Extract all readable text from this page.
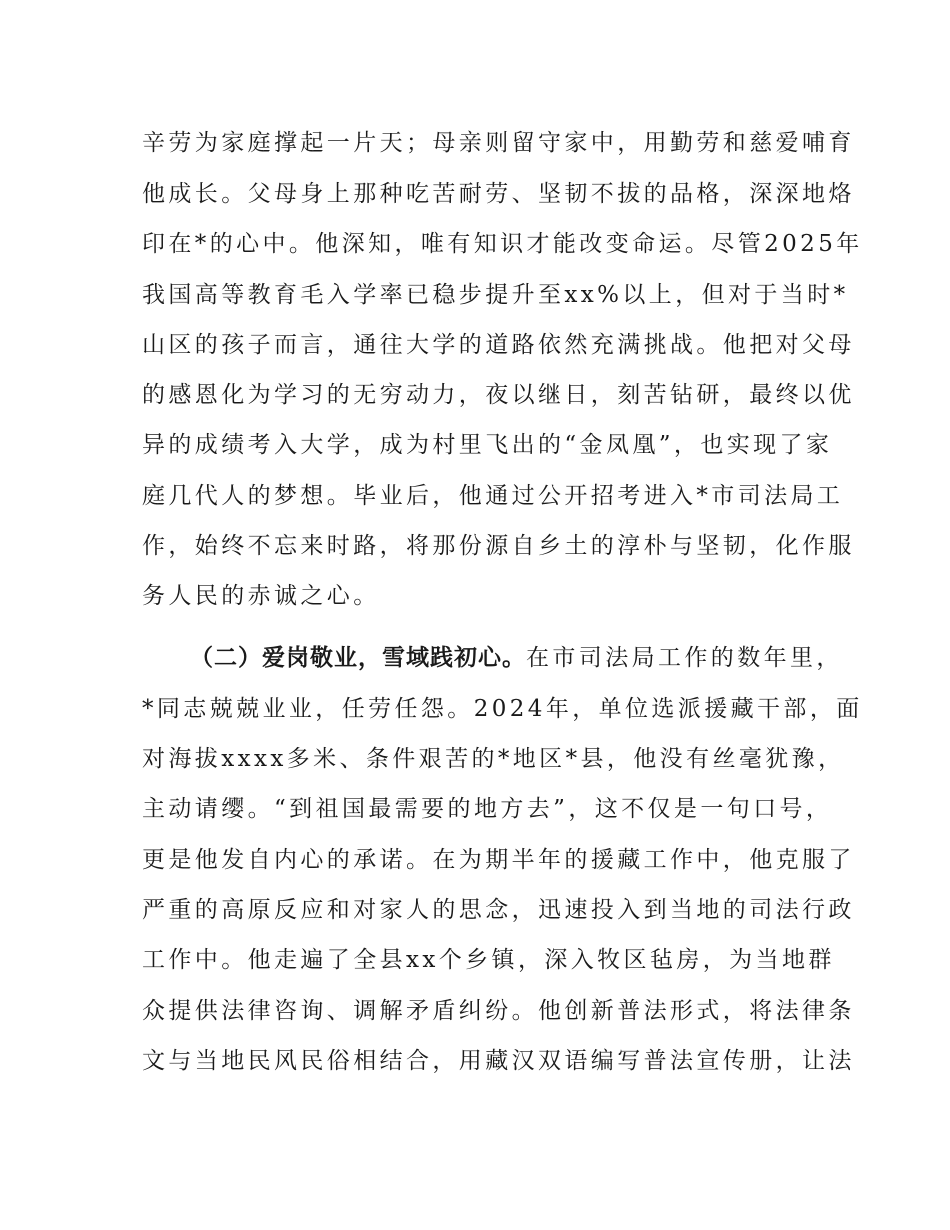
辛劳为家庭撑起一片天；母亲则留守家中，用勤劳和慈爱哺育
他成长。父母身上那种吃苦耐劳、坚韧不拔的品格，深深地烙
印在*的心中。他深知，唯有知识才能改变命运。尽管2025年
我国高等教育毛入学率已稳步提升至xx%以上，但对于当时*
山区的孩子而言，通往大学的道路依然充满挑战。他把对父母
的感恩化为学习的无穷动力，夜以继日，刻苦钻研，最终以优
异的成绩考入大学，成为村里飞出的“金凤凰”，也实现了家
庭几代人的梦想。毕业后，他通过公开招考进入*市司法局工
作，始终不忘来时路，将那份源自乡土的淳朴与坚韧，化作服
务人民的赤诚之心。
（二）爱岗敬业，雪域践初心。在市司法局工作的数年里，
*同志兢兢业业，任劳任怨。2024年，单位选派援藏干部，面
对海拔xxxx多米、条件艰苦的*地区*县，他没有丝毫犹豫，
主动请缨。“到祖国最需要的地方去”，这不仅是一句口号，
更是他发自内心的承诺。在为期半年的援藏工作中，他克服了
严重的高原反应和对家人的思念，迅速投入到当地的司法行政
工作中。他走遍了全县xx个乡镇，深入牧区毡房，为当地群
众提供法律咨询、调解矛盾纠纷。他创新普法形式，将法律条
文与当地民风民俗相结合，用藏汉双语编写普法宣传册，让法
